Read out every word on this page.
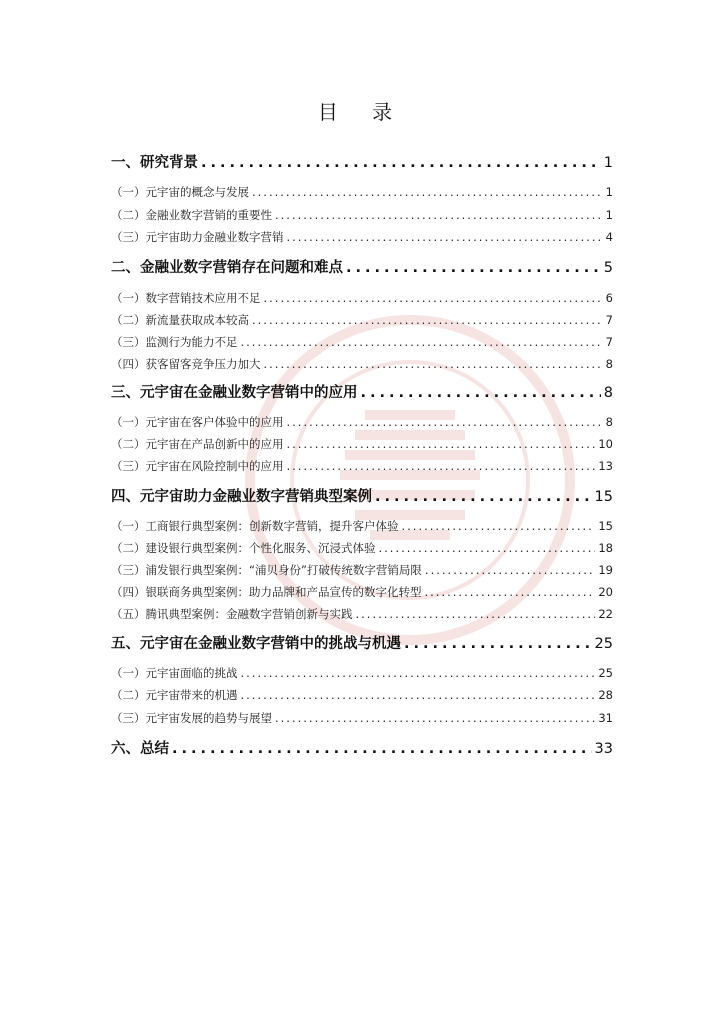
目 录
一、研究背景 .....	1
（一）元宇宙的概念与发展 .....	1
（二）金融业数字营销的重要性 .....	1
（三）元宇宙助力金融业数字营销 .....	4
二、金融业数字营销存在问题和难点 .....	5
（一）数字营销技术应用不足 .....	6
（二）新流量获取成本较高 .....	7
（三）监测行为能力不足 .....	7
（四）获客留客竞争压力加大 .....	8
三、元宇宙在金融业数字营销中的应用 .....	8
（一）元宇宙在客户体验中的应用 .....	8
（二）元宇宙在产品创新中的应用 .....	10
（三）元宇宙在风险控制中的应用 .....	13
四、元宇宙助力金融业数字营销典型案例 .....	15
（一）工商银行典型案例：创新数字营销，提升客户体验 .....	15
（二）建设银行典型案例：个性化服务、沉浸式体验 .....	18
（三）浦发银行典型案例：“浦贝身份”打破传统数字营销局限 .....	19
（四）银联商务典型案例：助力品牌和产品宣传的数字化转型 .....	20
（五）腾讯典型案例：金融数字营销创新与实践 .....	22
五、元宇宙在金融业数字营销中的挑战与机遇 .....	25
（一）元宇宙面临的挑战 .....	25
（二）元宇宙带来的机遇 .....	28
（三）元宇宙发展的趋势与展望 .....	31
六、总结 .....	33
